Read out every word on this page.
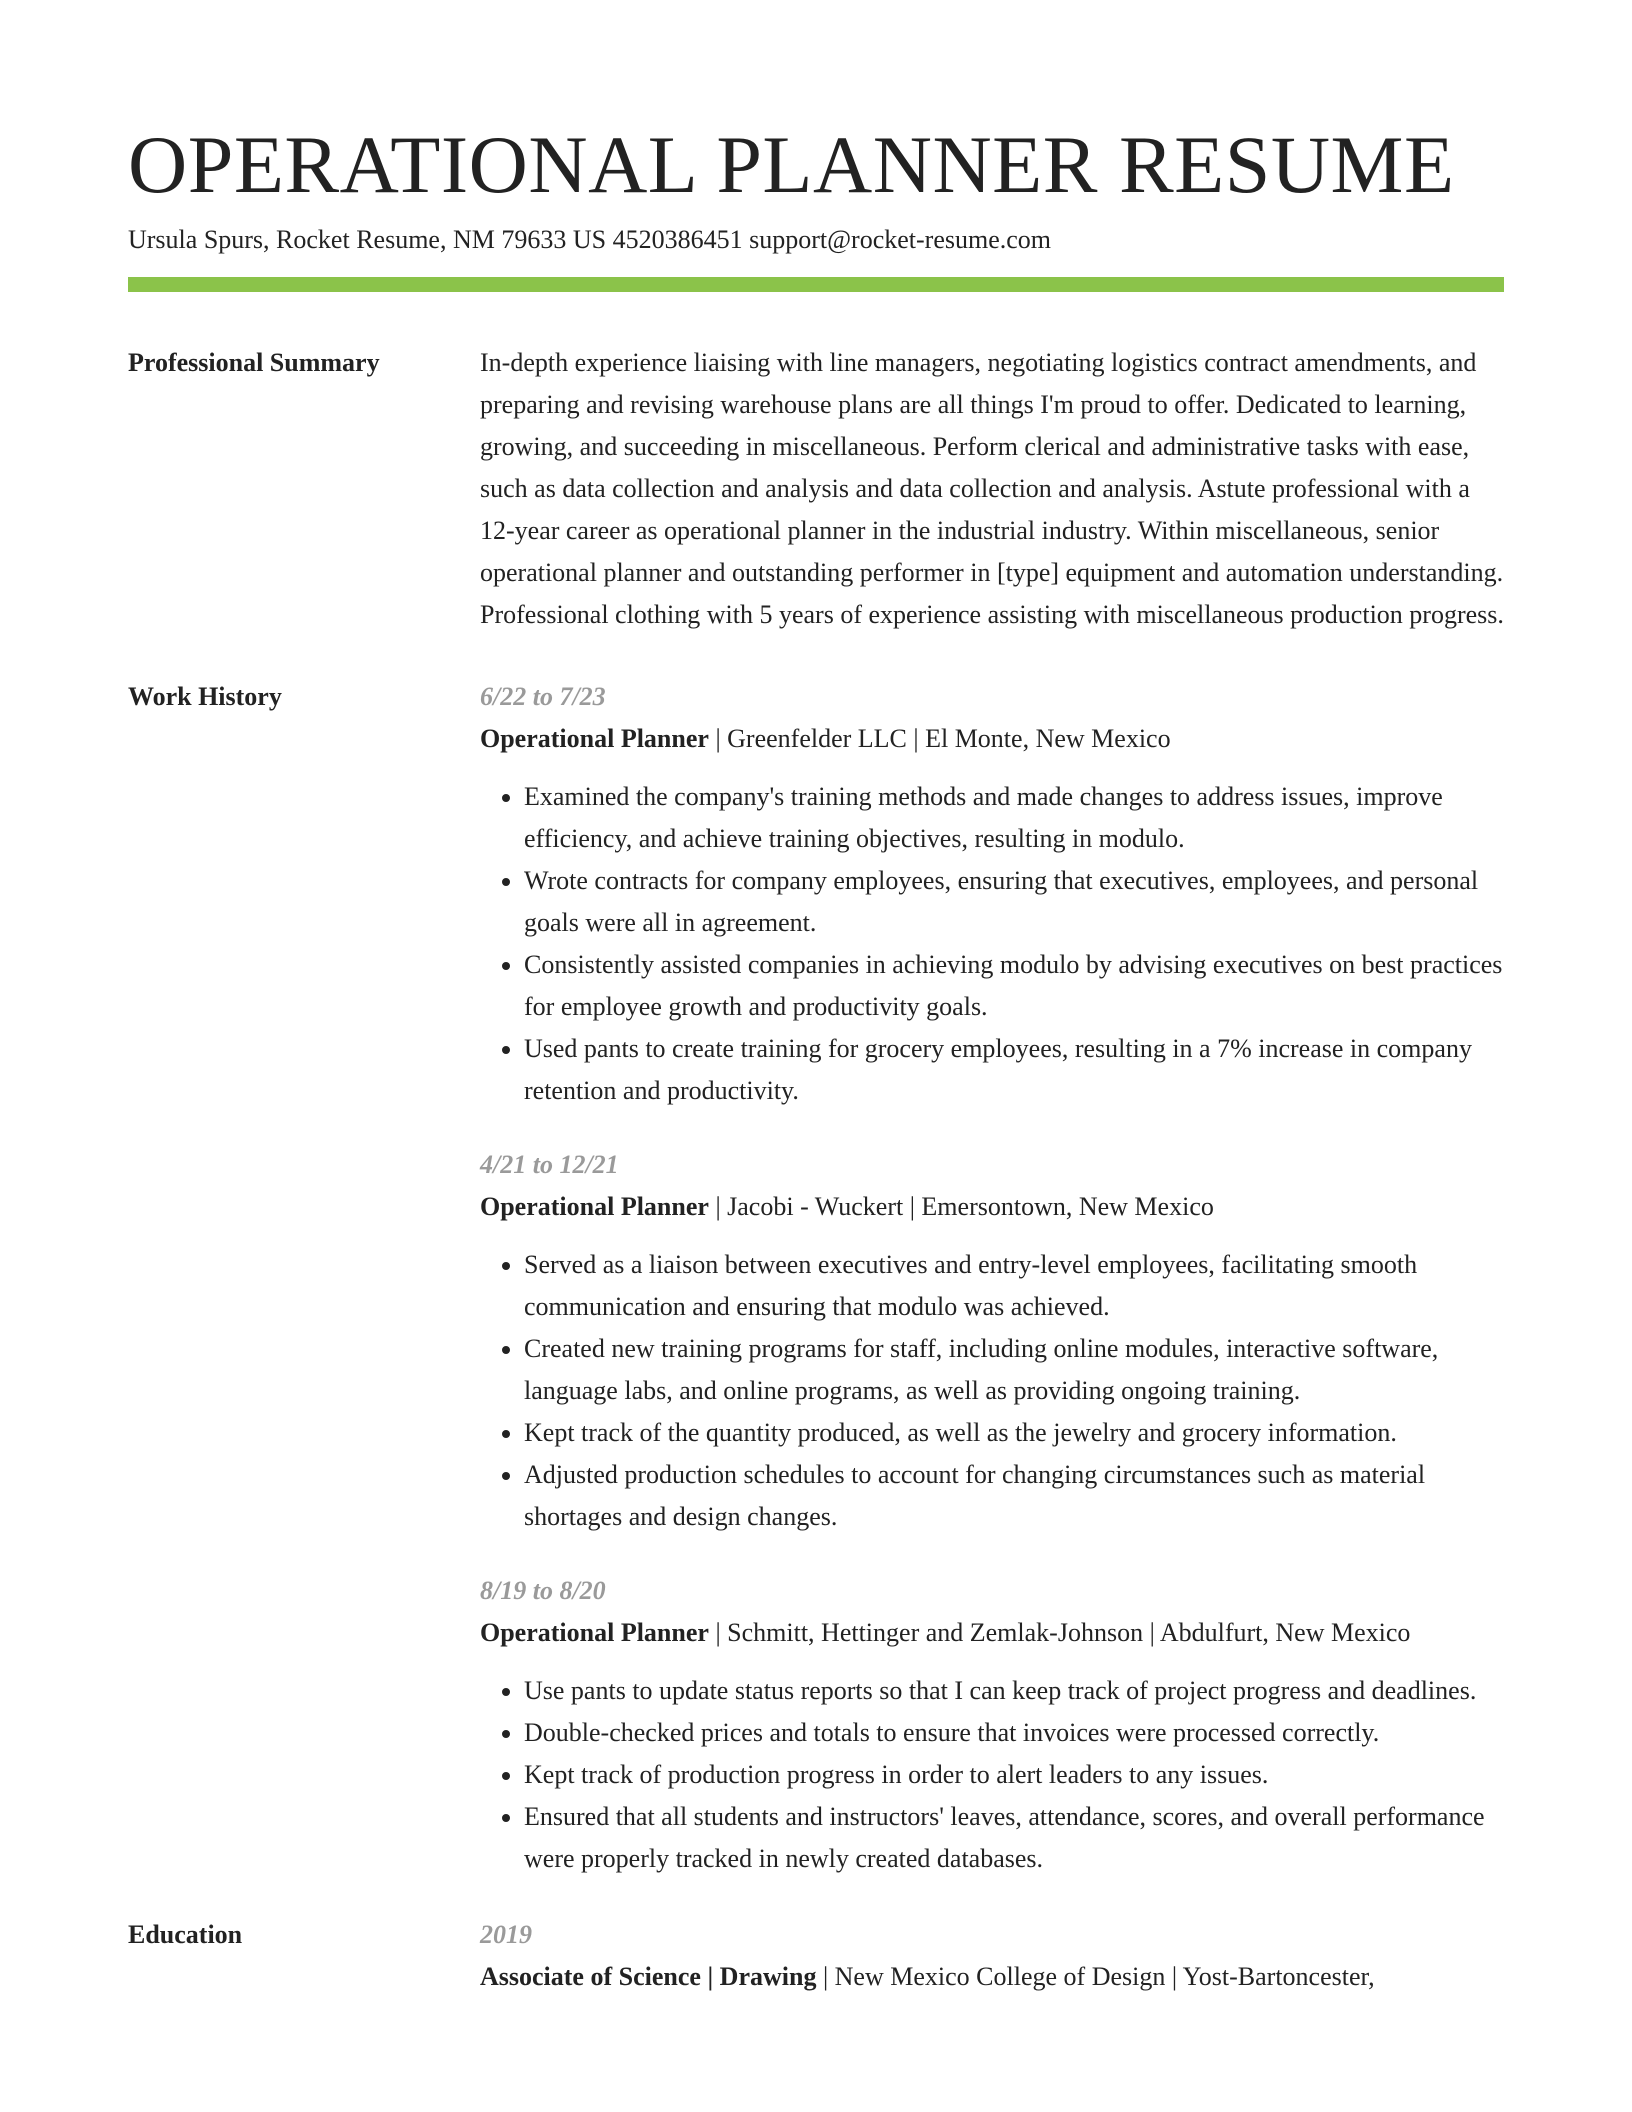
OPERATIONAL PLANNER RESUME
Ursula Spurs, Rocket Resume, NM 79633 US 4520386451 support@rocket-resume.com
Professional Summary	In-depth experience liaising with line managers, negotiating logistics contract amendments, and preparing and revising warehouse plans are all things I'm proud to offer. Dedicated to learning, growing, and succeeding in miscellaneous. Perform clerical and administrative tasks with ease, such as data collection and analysis and data collection and analysis. Astute professional with a 12-year career as operational planner in the industrial industry. Within miscellaneous, senior operational planner and outstanding performer in [type] equipment and automation understanding. Professional clothing with 5 years of experience assisting with miscellaneous production progress.

Work History	6/22 to 7/23
Operational Planner | Greenfelder LLC | El Monte, New Mexico
• Examined the company's training methods and made changes to address issues, improve efficiency, and achieve training objectives, resulting in modulo.
• Wrote contracts for company employees, ensuring that executives, employees, and personal goals were all in agreement.
• Consistently assisted companies in achieving modulo by advising executives on best practices for employee growth and productivity goals.
• Used pants to create training for grocery employees, resulting in a 7% increase in company retention and productivity.
4/21 to 12/21
Operational Planner | Jacobi - Wuckert | Emersontown, New Mexico
• Served as a liaison between executives and entry-level employees, facilitating smooth communication and ensuring that modulo was achieved.
• Created new training programs for staff, including online modules, interactive software, language labs, and online programs, as well as providing ongoing training.
• Kept track of the quantity produced, as well as the jewelry and grocery information.
• Adjusted production schedules to account for changing circumstances such as material shortages and design changes.
8/19 to 8/20
Operational Planner | Schmitt, Hettinger and Zemlak-Johnson | Abdulfurt, New Mexico
• Use pants to update status reports so that I can keep track of project progress and deadlines.
• Double-checked prices and totals to ensure that invoices were processed correctly.
• Kept track of production progress in order to alert leaders to any issues.
• Ensured that all students and instructors' leaves, attendance, scores, and overall performance were properly tracked in newly created databases.
Education	2019
Associate of Science | Drawing | New Mexico College of Design | Yost-Bartoncester,
